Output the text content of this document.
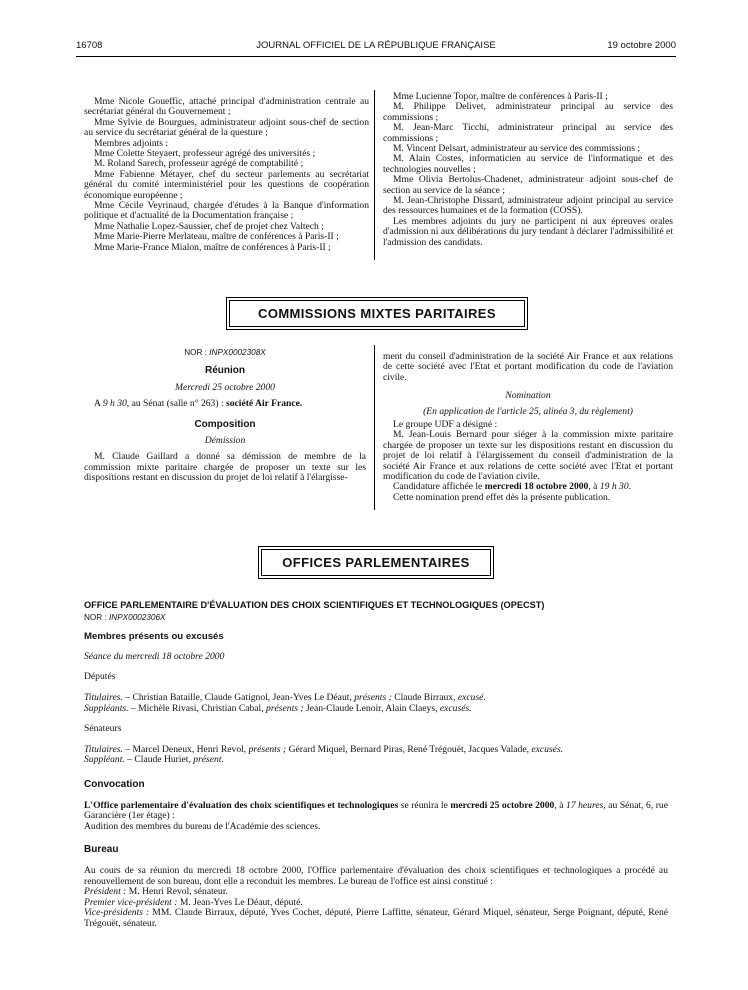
16708	JOURNAL OFFICIEL DE LA RÉPUBLIQUE FRANÇAISE	19 octobre 2000

Mme Nicole Goueffic, attaché principal d'administration centrale au secrétariat général du Gouvernement ;

Mme Sylvie de Bourgues, administrateur adjoint sous-chef de section au service du secrétariat général de la questure ;

Membres adjoints :

Mme Colette Steyaert, professeur agrégé des universités ;

M. Roland Sarech, professeur agrégé de comptabilité ;

Mme Fabienne Métayer, chef du secteur parlements au secrétariat général du comité interministériel pour les questions de coopération économique européenne ;

Mme Cécile Veyrinaud, chargée d'études à la Banque d'information politique et d'actualité de la Documentation française ;

Mme Nathalie Lopez-Saussier, chef de projet chez Valtech ;

Mme Marie-Pierre Merlateau, maître de conférences à Paris-II ;

Mme Marie-France Mialon, maître de conférences à Paris-II ;

Mme Lucienne Topor, maître de conférences à Paris-II ;

M. Philippe Delivet, administrateur principal au service des commissions ;

M. Jean-Marc Ticchi, administrateur principal au service des commissions ;

M. Vincent Delsart, administrateur au service des commissions ;

M. Alain Costes, informaticien au service de l'informatique et des technologies nouvelles ;

Mme Olivia Bertolus-Chadenet, administrateur adjoint sous-chef de section au service de la séance ;

M. Jean-Christophe Dissard, administrateur adjoint principal au service des ressources humaines et de la formation (COSS).

Les membres adjoints du jury ne participent ni aux épreuves orales d'admission ni aux délibérations du jury tendant à déclarer l'admissibilité et l'admission des candidats.

COMMISSIONS MIXTES PARITAIRES

NOR : INPX0002308X

Réunion

Mercredi 25 octobre 2000

A 9 h 30, au Sénat (salle n° 263) : société Air France.

Composition

Démission

M. Claude Gaillard a donné sa démission de membre de la commission mixte paritaire chargée de proposer un texte sur les dispositions restant en discussion du projet de loi relatif à l'élargisse-

ment du conseil d'administration de la société Air France et aux relations de cette société avec l'Etat et portant modification du code de l'aviation civile.

Nomination

(En application de l'article 25, alinéa 3, du règlement)

Le groupe UDF a désigné :

M. Jean-Louis Bernard pour siéger à la commission mixte paritaire chargée de proposer un texte sur les dispositions restant en discussion du projet de loi relatif à l'élargissement du conseil d'administration de la société Air France et aux relations de cette société avec l'Etat et portant modification du code de l'aviation civile.

Candidature affichée le mercredi 18 octobre 2000, à 19 h 30.

Cette nomination prend effet dès la présente publication.

OFFICES PARLEMENTAIRES

OFFICE PARLEMENTAIRE D'ÉVALUATION DES CHOIX SCIENTIFIQUES ET TECHNOLOGIQUES (OPECST)

NOR : INPX0002306X

Membres présents ou excusés

Séance du mercredi 18 octobre 2000

Députés

Titulaires. – Christian Bataille, Claude Gatignol, Jean-Yves Le Déaut, présents ; Claude Birraux, excusé.

Suppléants. – Michèle Rivasi, Christian Cabal, présents ; Jean-Claude Lenoir, Alain Claeys, excusés.

Sénateurs

Titulaires. – Marcel Deneux, Henri Revol, présents ; Gérard Miquel, Bernard Piras, René Trégouët, Jacques Valade, excusés.

Suppléant. – Claude Huriet, présent.

Convocation

L'Office parlementaire d'évaluation des choix scientifiques et technologiques se réunira le mercredi 25 octobre 2000, à 17 heures, au Sénat, 6, rue Garancière (1er étage) :

Audition des membres du bureau de l'Académie des sciences.

Bureau

Au cours de sa réunion du mercredi 18 octobre 2000, l'Office parlementaire d'évaluation des choix scientifiques et technologiques a procédé au renouvellement de son bureau, dont elle a reconduit les membres. Le bureau de l'office est ainsi constitué :

Président : M. Henri Revol, sénateur.

Premier vice-président : M. Jean-Yves Le Déaut, député.

Vice-présidents : MM. Claude Birraux, député, Yves Cochet, député, Pierre Laffitte, sénateur, Gérard Miquel, sénateur, Serge Poignant, député, René Trégouët, sénateur.
